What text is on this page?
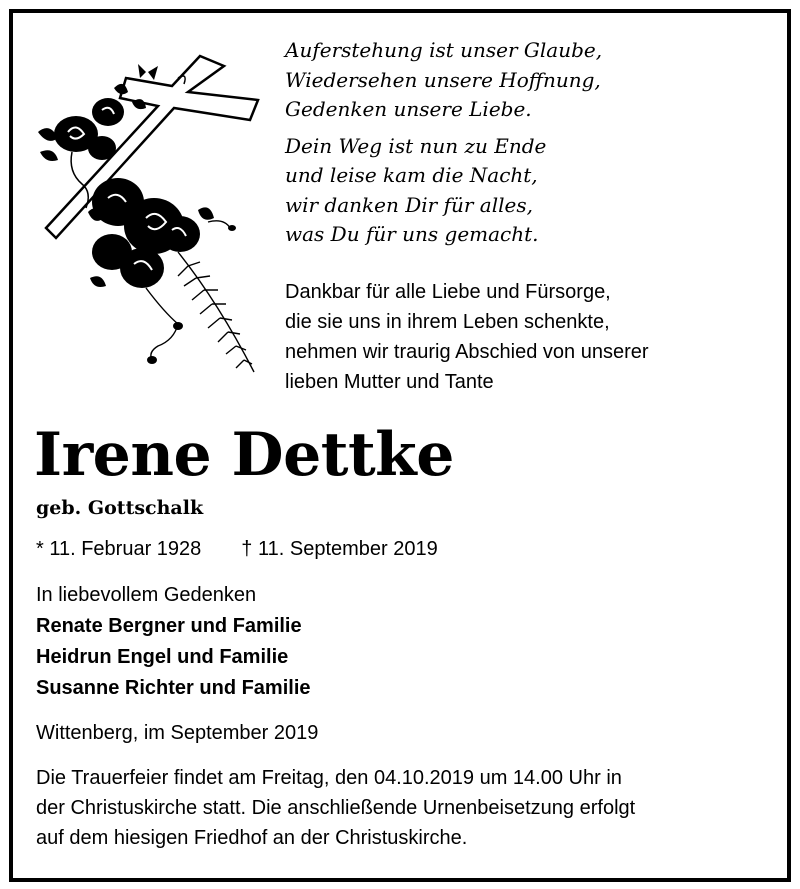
Auferstehung ist unser Glaube,
Wiedersehen unsere Hoffnung,
Gedenken unsere Liebe.
Dein Weg ist nun zu Ende
und leise kam die Nacht,
wir danken Dir für alles,
was Du für uns gemacht.
Dankbar für alle Liebe und Fürsorge,
die sie uns in ihrem Leben schenkte,
nehmen wir traurig Abschied von unserer
lieben Mutter und Tante
Irene Dettke
geb. Gottschalk
* 11. Februar 1928 † 11. September 2019
In liebevollem Gedenken
Renate Bergner und Familie
Heidrun Engel und Familie
Susanne Richter und Familie
Wittenberg, im September 2019
Die Trauerfeier findet am Freitag, den 04.10.2019 um 14.00 Uhr in
der Christuskirche statt. Die anschließende Urnenbeisetzung erfolgt
auf dem hiesigen Friedhof an der Christuskirche.
